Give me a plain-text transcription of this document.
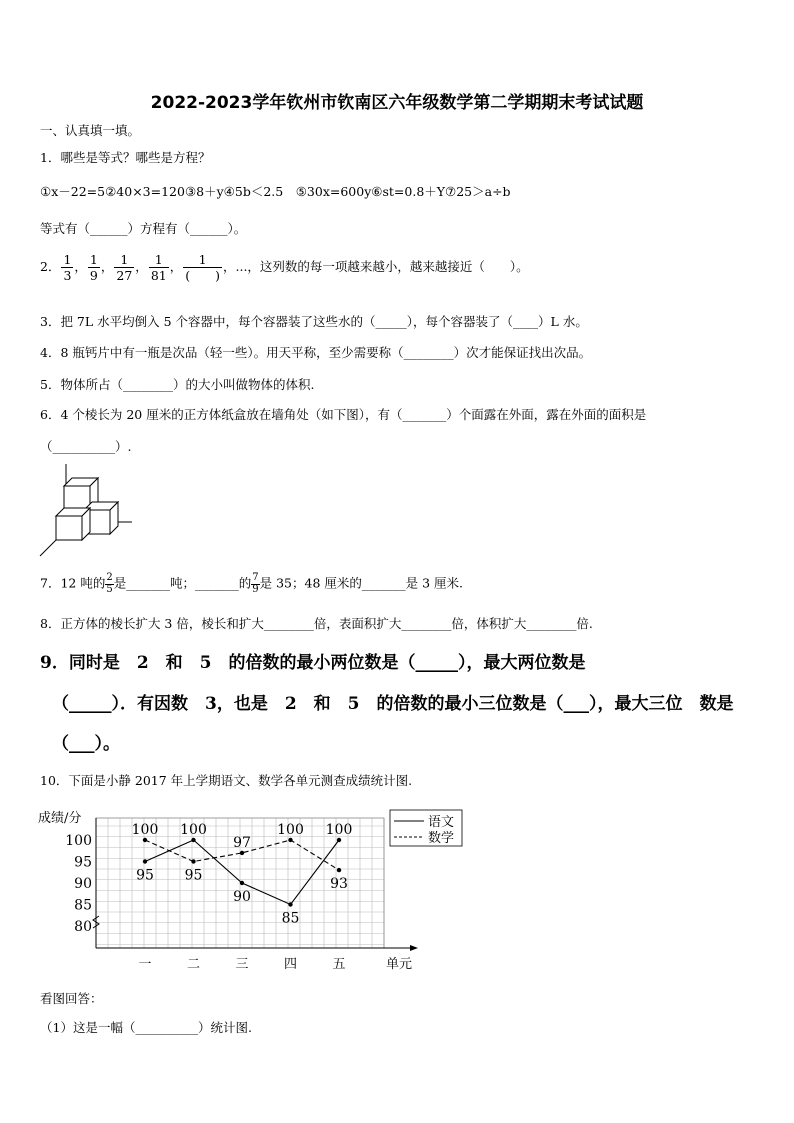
2022-2023学年钦州市钦南区六年级数学第二学期期末考试试题
一、认真填一填。
1．哪些是等式？哪些是方程？
①x－22=5②40×3=120③8＋y④5b＜2.5　⑤30x=600y⑥st=0.8＋Y⑦25＞a÷b
等式有（______）方程有（______）。
2． $\frac{1}{3}$ ， $\frac{1}{9}$ ， $\frac{1}{27}$ ， $\frac{1}{81}$ ， $\frac{1}{( )}$ ，...，这列数的每一项越来越小，越来越接近（　　）。
3．把 7L 水平均倒入 5 个容器中，每个容器装了这些水的（_____），每个容器装了（____）L 水。
4．8 瓶钙片中有一瓶是次品（轻一些）。用天平称，至少需要称（________）次才能保证找出次品。
5．物体所占（________）的大小叫做物体的体积.
6．4 个棱长为 20 厘米的正方体纸盒放在墙角处（如下图），有（_______）个面露在外面，露在外面的面积是
（__________）.
7．12 吨的 $\frac{2}{5}$ 是_______吨；_______的 $\frac{7}{9}$ 是 35；48 厘米的_______是 3 厘米.
8．正方体的棱长扩大 3 倍，棱长和扩大________倍，表面积扩大________倍，体积扩大________倍.
9．同时是　2　和　5　的倍数的最小两位数是（_____），最大两位数是
（_____）．有因数　3，也是　2　和　5　的倍数的最小三位数是（___），最大三位　数是
（___）。
10．下面是小静 2017 年上学期语文、数学各单元测查成绩统计图.
成绩/分
单元
80
85
90
95
100
一	二	三	四	五
95
100 100
95
90
97
85
100 100
93
语文
数学
看图回答：
（1）这是一幅（__________）统计图.
